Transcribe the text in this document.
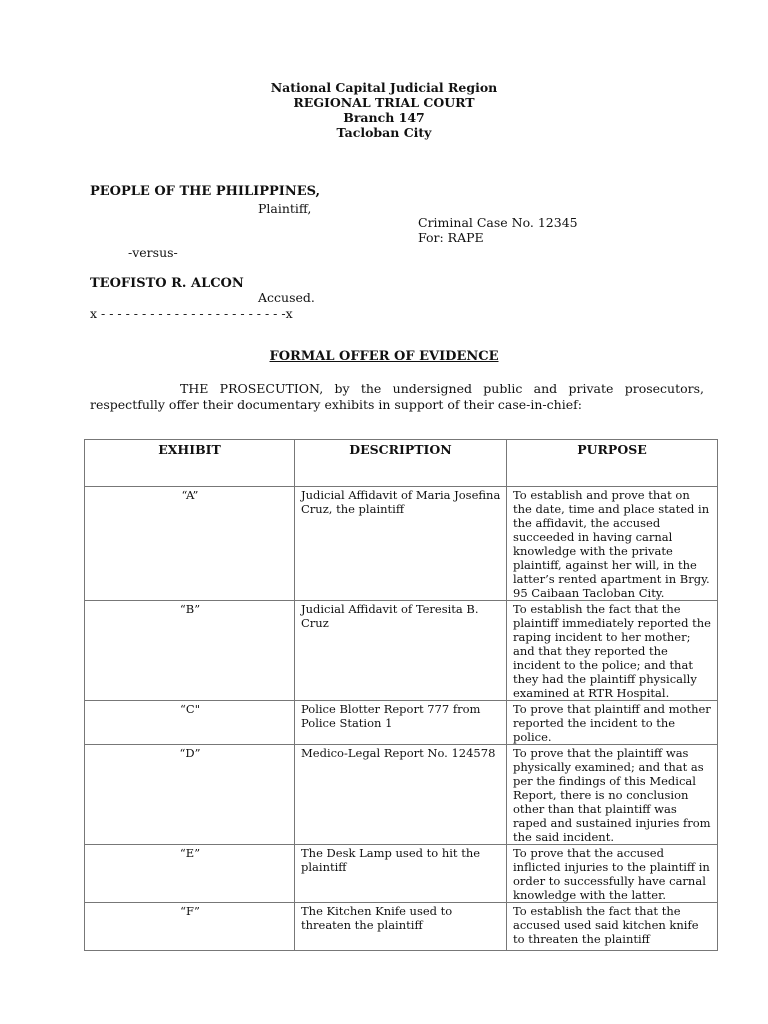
National Capital Judicial Region
REGIONAL TRIAL COURT
Branch 147
Tacloban City
PEOPLE OF THE PHILIPPINES,
Plaintiff,
Criminal Case No. 12345
For: RAPE
-versus-
TEOFISTO R. ALCON
Accused.
x - - - - - - - - - - - - - - - - - - - - - - -x
FORMAL OFFER OF EVIDENCE
THE PROSECUTION, by the undersigned public and private prosecutors,
respectfully offer their documentary exhibits in support of their case-in-chief:
EXHIBIT	DESCRIPTION	PURPOSE
“A”	Judicial Affidavit of Maria Josefina Cruz, the plaintiff	To establish and prove that on the date, time and place stated in the affidavit, the accused succeeded in having carnal knowledge with the private plaintiff, against her will, in the latter’s rented apartment in Brgy. 95 Caibaan Tacloban City.
“B”	Judicial Affidavit of Teresita B. Cruz	To establish the fact that the plaintiff immediately reported the raping incident to her mother; and that they reported the incident to the police; and that they had the plaintiff physically examined at RTR Hospital.
“C"	Police Blotter Report 777 from Police Station 1	To prove that plaintiff and mother reported the incident to the police.
“D”	Medico-Legal Report No. 124578	To prove that the plaintiff was physically examined; and that as per the findings of this Medical Report, there is no conclusion other than that plaintiff was raped and sustained injuries from the said incident.
“E”	The Desk Lamp used to hit the plaintiff	To prove that the accused inflicted injuries to the plaintiff in order to successfully have carnal knowledge with the latter.
“F”	The Kitchen Knife used to threaten the plaintiff	To establish the fact that the accused used said kitchen knife to threaten the plaintiff
